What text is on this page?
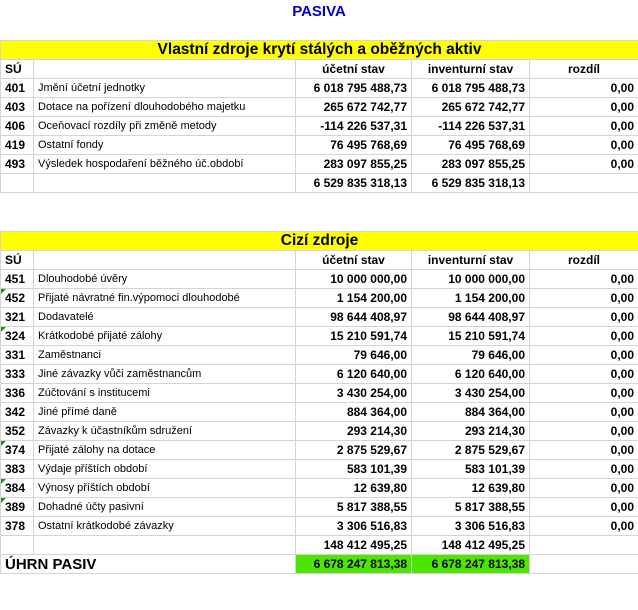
PASIVA
Vlastní zdroje krytí stálých a oběžných aktiv				
SÚ		účetní stav	inventurní stav	rozdíl
401	Jmění účetní jednotky	6 018 795 488,73	6 018 795 488,73	0,00
403	Dotace na pořízení dlouhodobého majetku	265 672 742,77	265 672 742,77	0,00
406	Oceňovací rozdíly při změně metody	-114 226 537,31	-114 226 537,31	0,00
419	Ostatní fondy	76 495 768,69	76 495 768,69	0,00
493	Výsledek hospodaření běžného úč.období	283 097 855,25	283 097 855,25	0,00
		6 529 835 318,13	6 529 835 318,13	
Cizí zdroje				
SÚ		účetní stav	inventurní stav	rozdíl
451	Dlouhodobé úvěry	10 000 000,00	10 000 000,00	0,00
452	Přijaté návratné fin.výpomoci dlouhodobé	1 154 200,00	1 154 200,00	0,00
321	Dodavatelé	98 644 408,97	98 644 408,97	0,00
324	Krátkodobé přijaté zálohy	15 210 591,74	15 210 591,74	0,00
331	Zaměstnanci	79 646,00	79 646,00	0,00
333	Jiné závazky vůči zaměstnancům	6 120 640,00	6 120 640,00	0,00
336	Zúčtování s institucemi	3 430 254,00	3 430 254,00	0,00
342	Jiné přímé daně	884 364,00	884 364,00	0,00
352	Závazky k účastníkům sdružení	293 214,30	293 214,30	0,00
374	Přijaté zálohy na dotace	2 875 529,67	2 875 529,67	0,00
383	Výdaje příštích období	583 101,39	583 101,39	0,00
384	Výnosy příštích období	12 639,80	12 639,80	0,00
389	Dohadné účty pasivní	5 817 388,55	5 817 388,55	0,00
378	Ostatní krátkodobé závazky	3 306 516,83	3 306 516,83	0,00
		148 412 495,25	148 412 495,25	
ÚHRN PASIV		6 678 247 813,38	6 678 247 813,38	
